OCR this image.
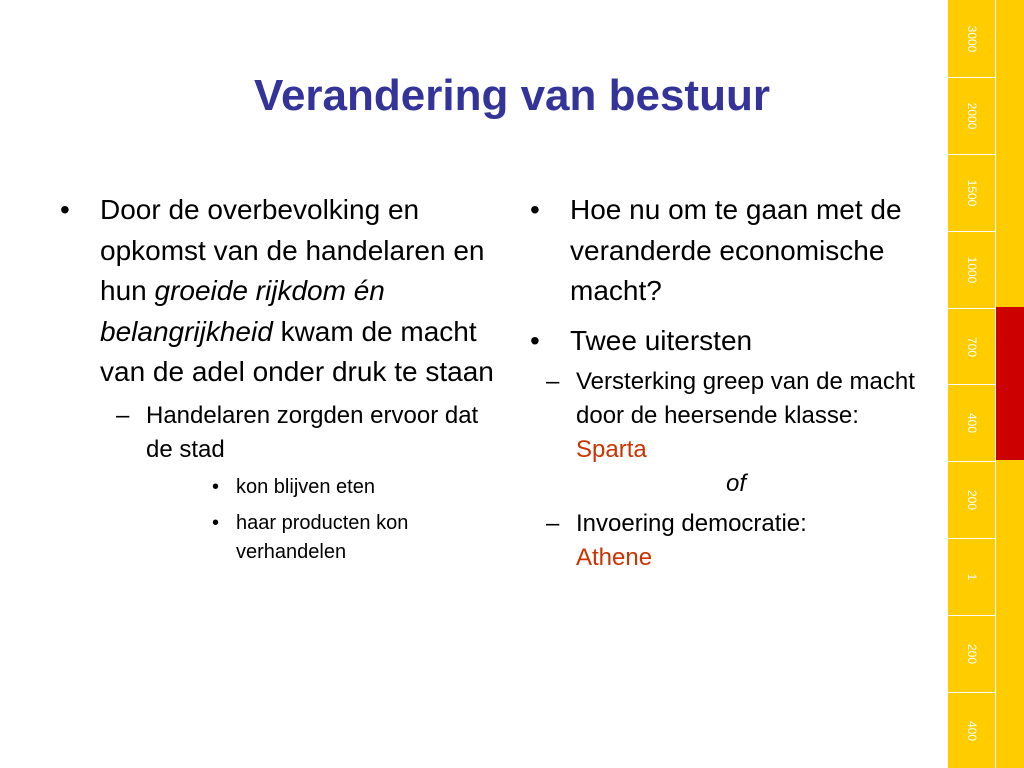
Verandering van bestuur
• Door de overbevolking en opkomst van de handelaren en hun groeide rijkdom én belangrijkheid kwam de macht van de adel onder druk te staan
– Handelaren zorgden ervoor dat de stad
• kon blijven eten
• haar producten kon verhandelen
• Hoe nu om te gaan met de veranderde economische macht?
• Twee uitersten
– Versterking greep van de macht door de heersende klasse:
Sparta
of
– Invoering democratie:
Athene
3000
2000
1500
1000
700
400
200
1
200
400
